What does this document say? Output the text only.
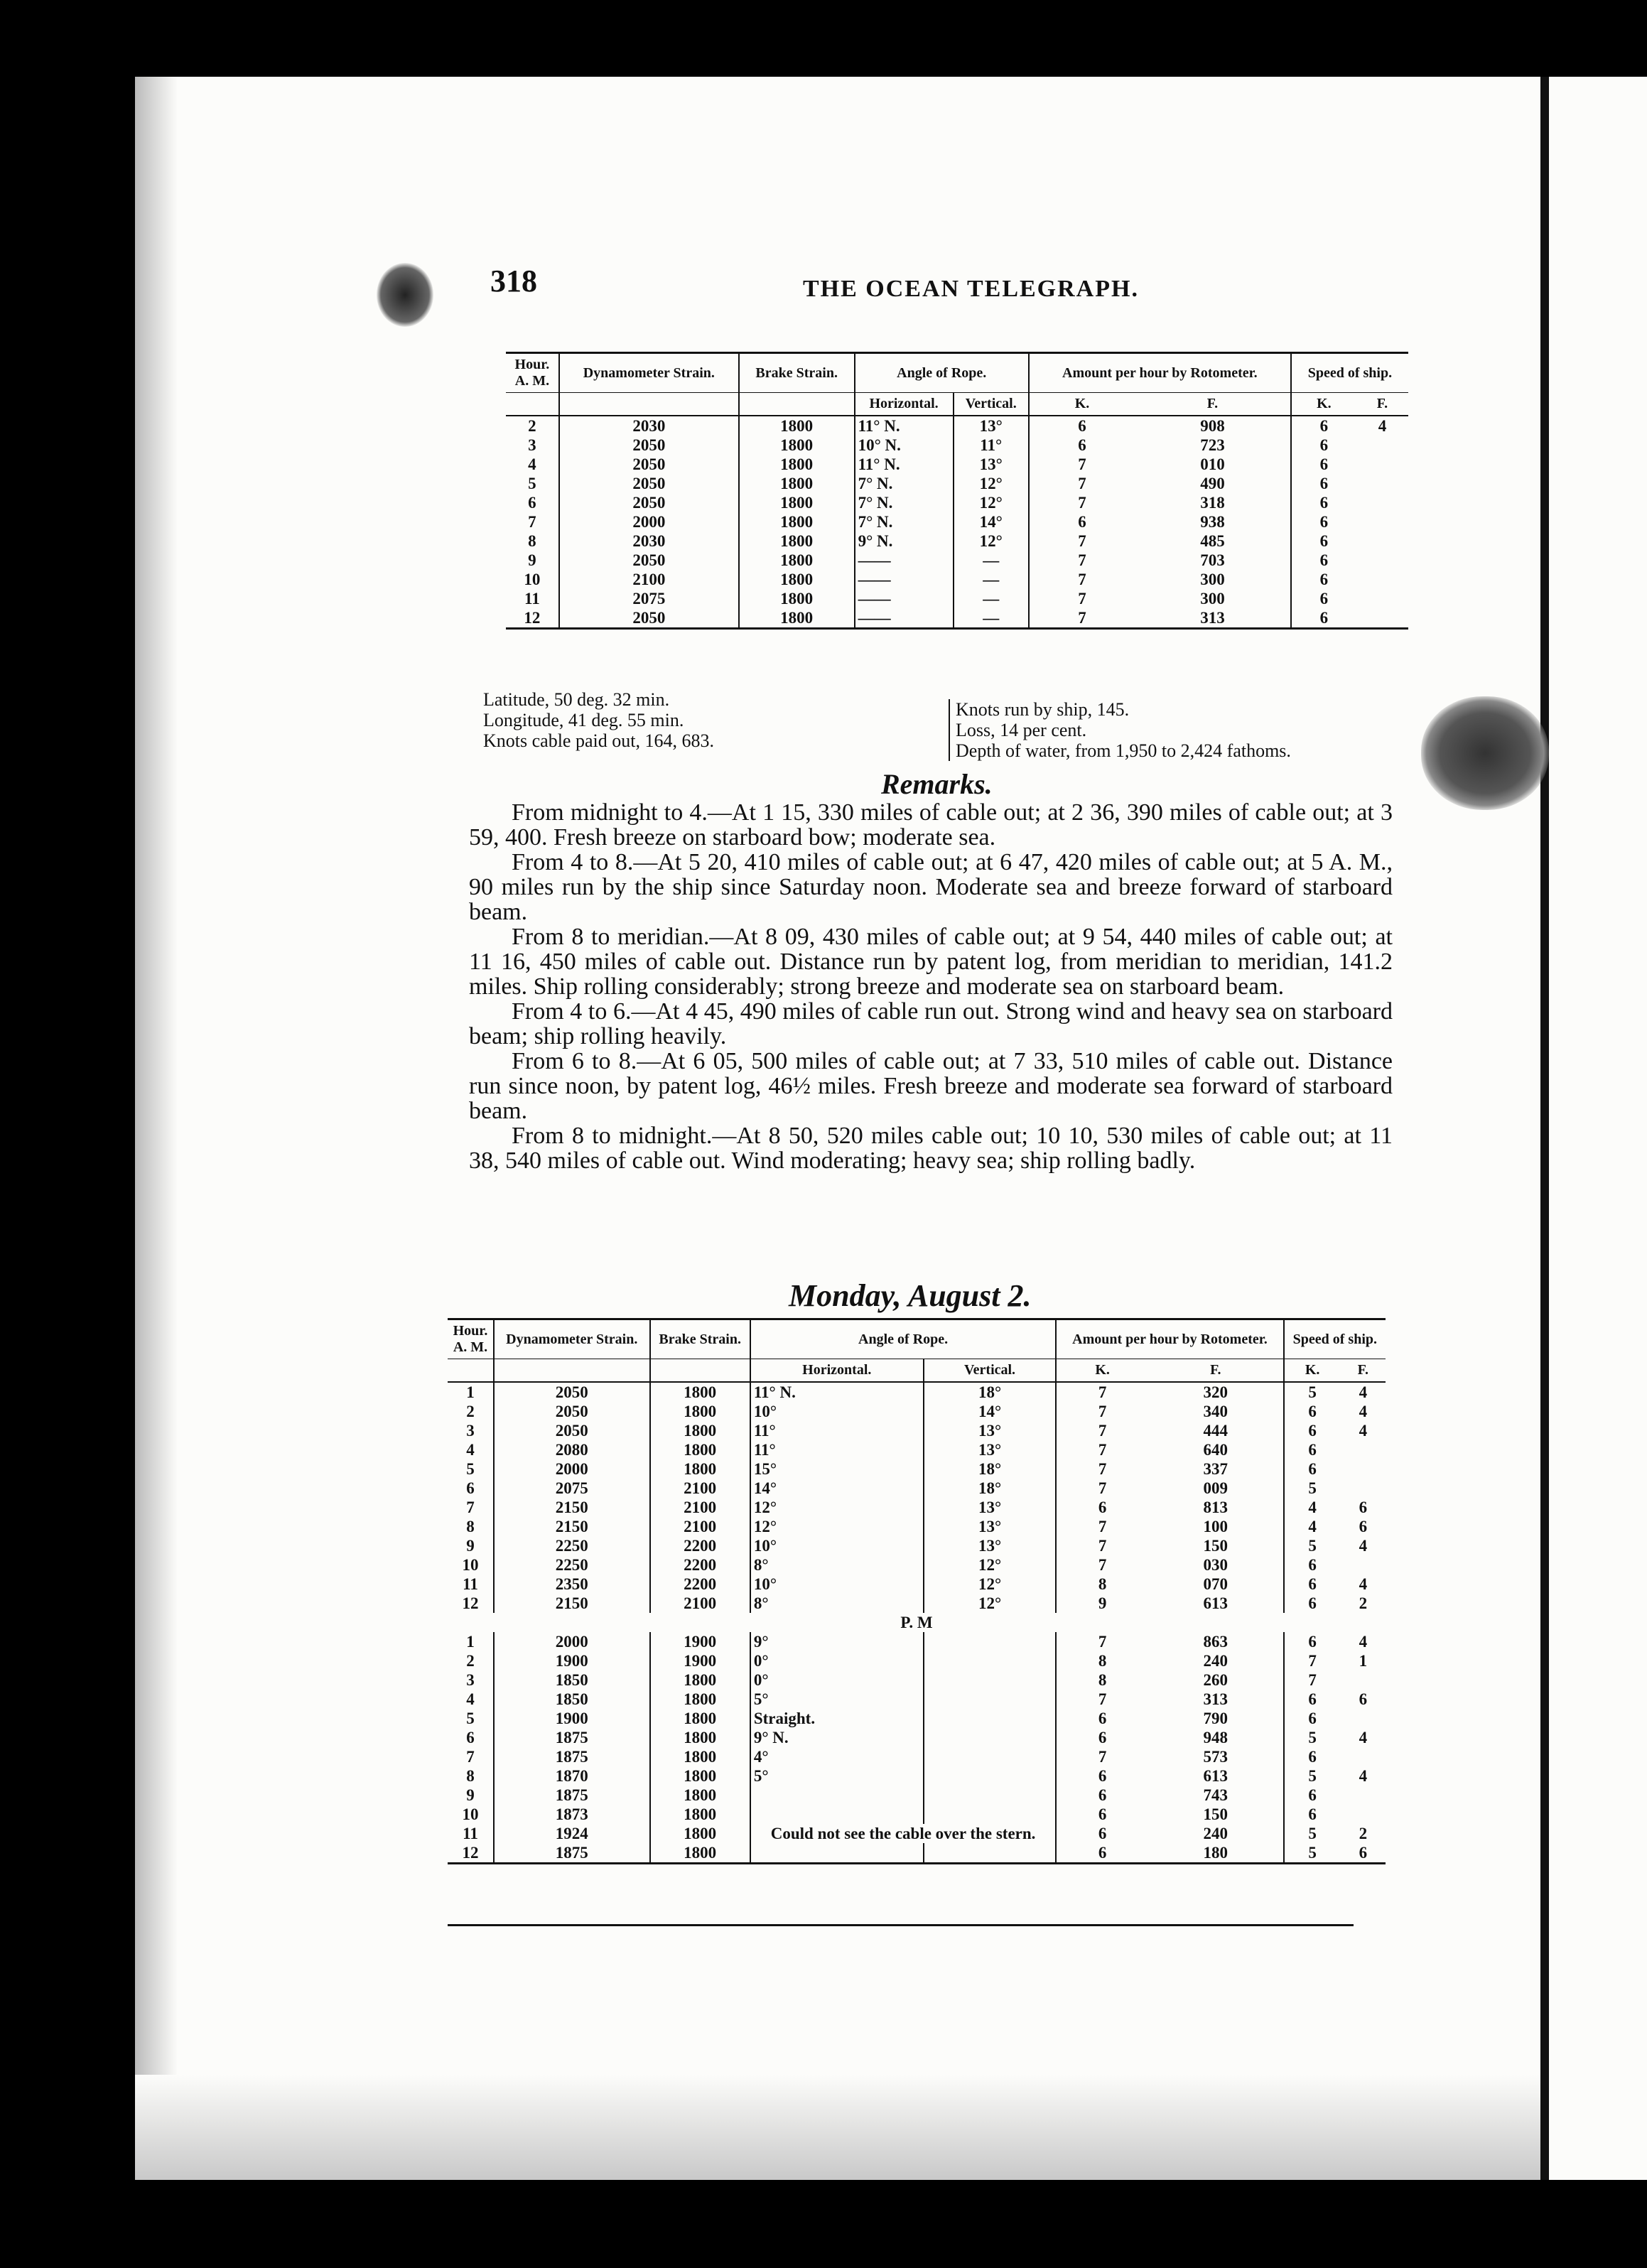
318	THE OCEAN TELEGRAPH.
Hour.
A. M.	Dynamometer Strain.	Brake Strain.	Angle of Rope.		Amount per hour by Rotometer.		Speed of ship.	
			Horizontal.	Vertical.	K.	F.	K.	F.
2	2030	1800	11° N.	13°	6	908	6	4
3	2050	1800	10° N.	11°	6	723	6	
4	2050	1800	11° N.	13°	7	010	6	
5	2050	1800	7° N.	12°	7	490	6	
6	2050	1800	7° N.	12°	7	318	6	
7	2000	1800	7° N.	14°	6	938	6	
8	2030	1800	9° N.	12°	7	485	6	
9	2050	1800	——	—	7	703	6	
10	2100	1800	——	—	7	300	6	
11	2075	1800	——	—	7	300	6	
12	2050	1800	——	—	7	313	6	
Latitude, 50 deg. 32 min.
Longitude, 41 deg. 55 min.
Knots cable paid out, 164, 683.
Knots run by ship, 145.
Loss, 14 per cent.
Depth of water, from 1,950 to 2,424 fathoms.
Remarks.

From midnight to 4.—At 1 15, 330 miles of cable out; at 2 36, 390 miles of cable out; at 3 59, 400. Fresh breeze on starboard bow; moderate sea.

From 4 to 8.—At 5 20, 410 miles of cable out; at 6 47, 420 miles of cable out; at 5 A. M., 90 miles run by the ship since Saturday noon. Moderate sea and breeze forward of starboard beam.

From 8 to meridian.—At 8 09, 430 miles of cable out; at 9 54, 440 miles of cable out; at 11 16, 450 miles of cable out. Distance run by patent log, from meridian to meridian, 141.2 miles. Ship rolling considerably; strong breeze and moderate sea on starboard beam.

From 4 to 6.—At 4 45, 490 miles of cable run out. Strong wind and heavy sea on starboard beam; ship rolling heavily.

From 6 to 8.—At 6 05, 500 miles of cable out; at 7 33, 510 miles of cable out. Distance run since noon, by patent log, 46½ miles. Fresh breeze and moderate sea forward of starboard beam.

From 8 to midnight.—At 8 50, 520 miles cable out; 10 10, 530 miles of cable out; at 11 38, 540 miles of cable out. Wind moderating; heavy sea; ship rolling badly.

Monday, August 2.
Hour.
A. M.	Dynamometer Strain.	Brake Strain.	Angle of Rope.		Amount per hour by Rotometer.		Speed of ship.	
			Horizontal.	Vertical.	K.	F.	K.	F.
1	2050	1800	11° N.	18°	7	320	5	4
2	2050	1800	10°	14°	7	340	6	4
3	2050	1800	11°	13°	7	444	6	4
4	2080	1800	11°	13°	7	640	6	
5	2000	1800	15°	18°	7	337	6	
6	2075	2100	14°	18°	7	009	5	
7	2150	2100	12°	13°	6	813	4	6
8	2150	2100	12°	13°	7	100	4	6
9	2250	2200	10°	13°	7	150	5	4
10	2250	2200	8°	12°	7	030	6	
11	2350	2200	10°	12°	8	070	6	4
12	2150	2100	8°	12°	9	613	6	2
P. M								
1	2000	1900	9°		7	863	6	4
2	1900	1900	0°		8	240	7	1
3	1850	1800	0°		8	260	7	
4	1850	1800	5°		7	313	6	6
5	1900	1800	Straight.		6	790	6	
6	1875	1800	9° N.		6	948	5	4
7	1875	1800	4°		7	573	6	
8	1870	1800	5°		6	613	5	4
9	1875	1800			6	743	6	
10	1873	1800			6	150	6	
11	1924	1800	Could not see the cable over the stern.		6	240	5	2
12	1875	1800			6	180	5	6
